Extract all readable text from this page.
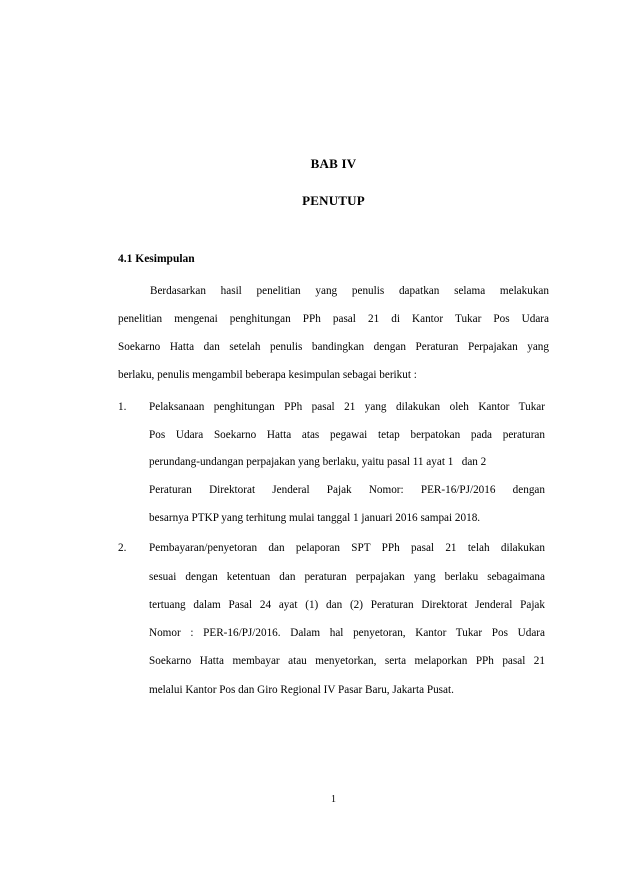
BAB IV
PENUTUP
4.1 Kesimpulan
Berdasarkan hasil penelitian yang penulis dapatkan selama melakukan
penelitian mengenai penghitungan PPh pasal 21 di Kantor Tukar Pos Udara
Soekarno Hatta dan setelah penulis bandingkan dengan Peraturan Perpajakan yang
berlaku, penulis mengambil beberapa kesimpulan sebagai berikut :
1. Pelaksanaan penghitungan PPh pasal 21 yang dilakukan oleh Kantor Tukar
Pos Udara Soekarno Hatta atas pegawai tetap berpatokan pada peraturan
perundang-undangan perpajakan yang berlaku, yaitu pasal 11 ayat 1   dan 2
Peraturan Direktorat Jenderal Pajak Nomor: PER-16/PJ/2016 dengan
besarnya PTKP yang terhitung mulai tanggal 1 januari 2016 sampai 2018.
2. Pembayaran/penyetoran dan pelaporan SPT PPh pasal 21 telah dilakukan
sesuai dengan ketentuan dan peraturan perpajakan yang berlaku sebagaimana
tertuang dalam Pasal 24 ayat (1) dan (2) Peraturan Direktorat Jenderal Pajak
Nomor : PER-16/PJ/2016. Dalam hal penyetoran, Kantor Tukar Pos Udara
Soekarno Hatta membayar atau menyetorkan, serta melaporkan PPh pasal 21
melalui Kantor Pos dan Giro Regional IV Pasar Baru, Jakarta Pusat.
1
